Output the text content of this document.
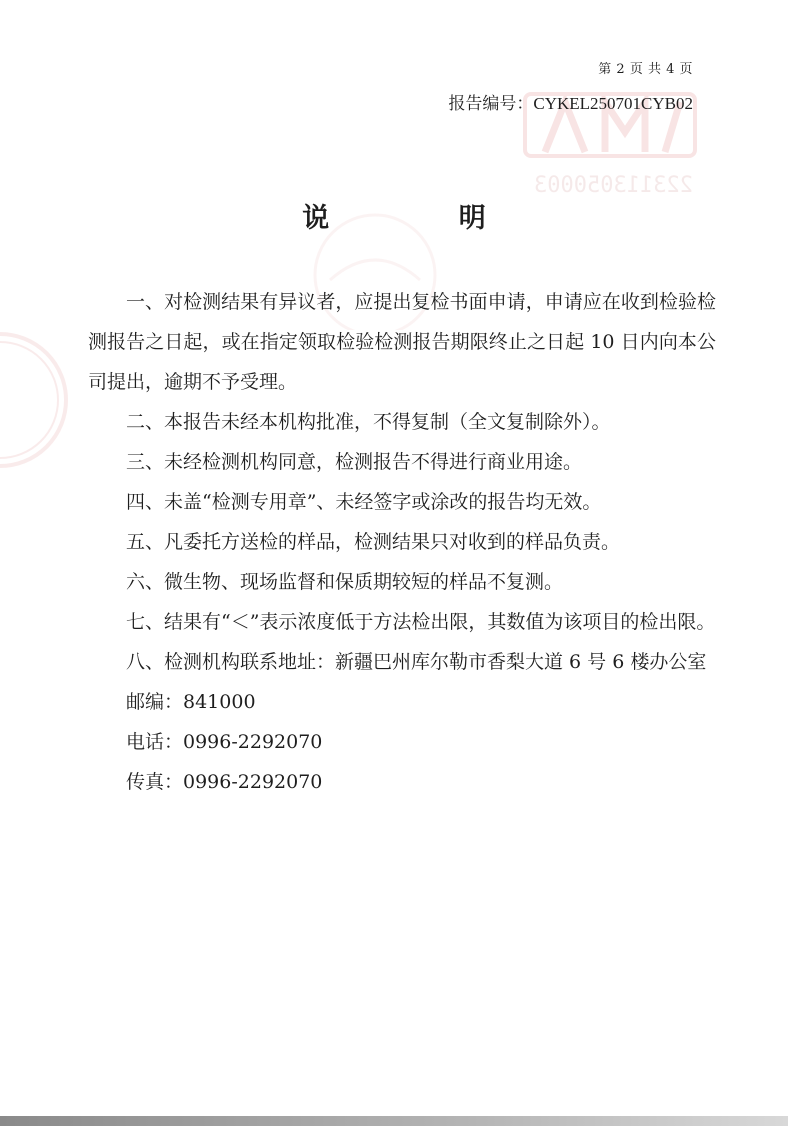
223113050003
第 2 页 共 4 页
报告编号：CYKEL250701CYB02
说 明

一、对检测结果有异议者，应提出复检书面申请，申请应在收到检验检测报告之日起，或在指定领取检验检测报告期限终止之日起 10 日内向本公司提出，逾期不予受理。

二、本报告未经本机构批准，不得复制（全文复制除外）。

三、未经检测机构同意，检测报告不得进行商业用途。

四、未盖“检测专用章”、未经签字或涂改的报告均无效。

五、凡委托方送检的样品，检测结果只对收到的样品负责。

六、微生物、现场监督和保质期较短的样品不复测。

七、结果有“＜”表示浓度低于方法检出限，其数值为该项目的检出限。

八、检测机构联系地址：新疆巴州库尔勒市香梨大道 6 号 6 楼办公室

邮编：841000

电话：0996-2292070

传真：0996-2292070
